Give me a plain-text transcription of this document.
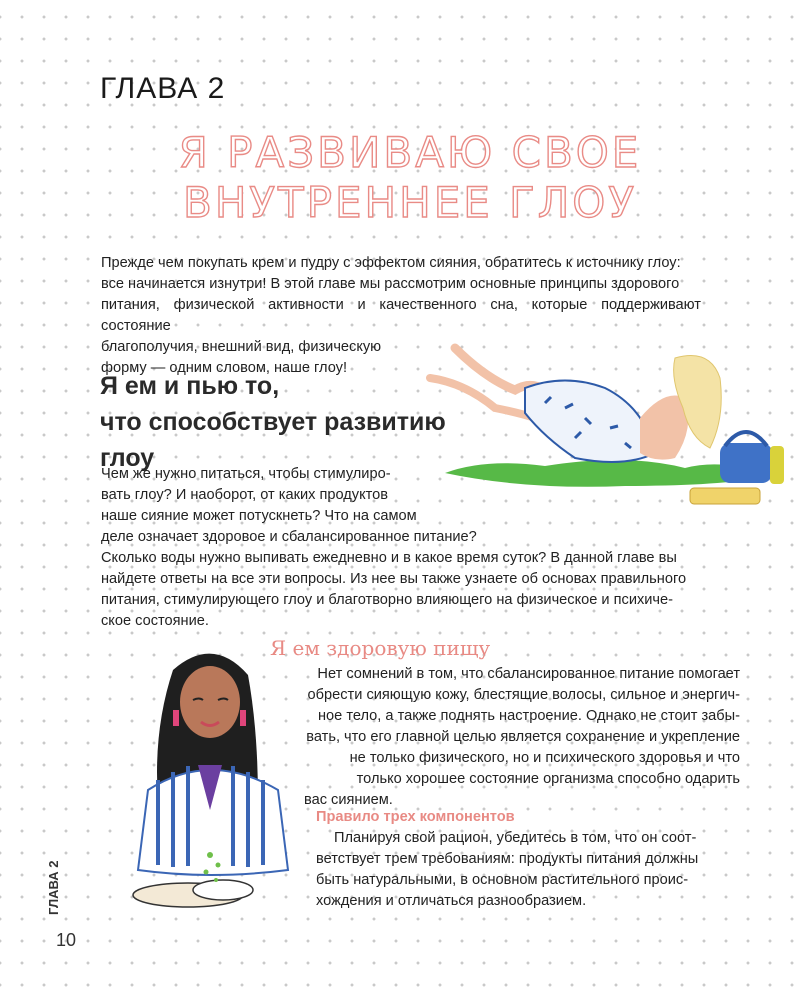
ГЛАВА 2
Я РАЗВИВАЮ СВОЕ
ВНУТРЕННЕЕ ГЛОУ
Прежде чем покупать крем и пудру с эффектом сияния, обратитесь к источнику глоу:
все начинается изнутри! В этой главе мы рассмотрим основные принципы здорового
питания, физической активности и качественного сна, которые поддерживают состояние
благополучия, внешний вид, физическую
форму — одним словом, наше глоу!
Я ем и пью то,
что способствует развитию
глоу
Чем же нужно питаться, чтобы стимулиро-
вать глоу? И наоборот, от каких продуктов
наше сияние может потускнеть? Что на самом
деле означает здоровое и сбалансированное питание?
Сколько воды нужно выпивать ежедневно и в какое время суток? В данной главе вы
найдете ответы на все эти вопросы. Из нее вы также узнаете об основах правильного
питания, стимулирующего глоу и благотворно влияющего на физическое и психиче-
ское состояние.
Я ем здоровую пищу
Нет сомнений в том, что сбалансированное питание помогает
обрести сияющую кожу, блестящие волосы, сильное и энергич-
ное тело, а также поднять настроение. Однако не стоит забы-
вать, что его главной целью является сохранение и укрепление
не только физического, но и психического здоровья и что
только хорошее состояние организма способно одарить
вас сиянием.
Правило трех компонентов
Планируя свой рацион, убедитесь в том, что он соот-
ветствует трем требованиям: продукты питания должны
быть натуральными, в основном растительного проис-
хождения и отличаться разнообразием.
ГЛАВА 2
10
